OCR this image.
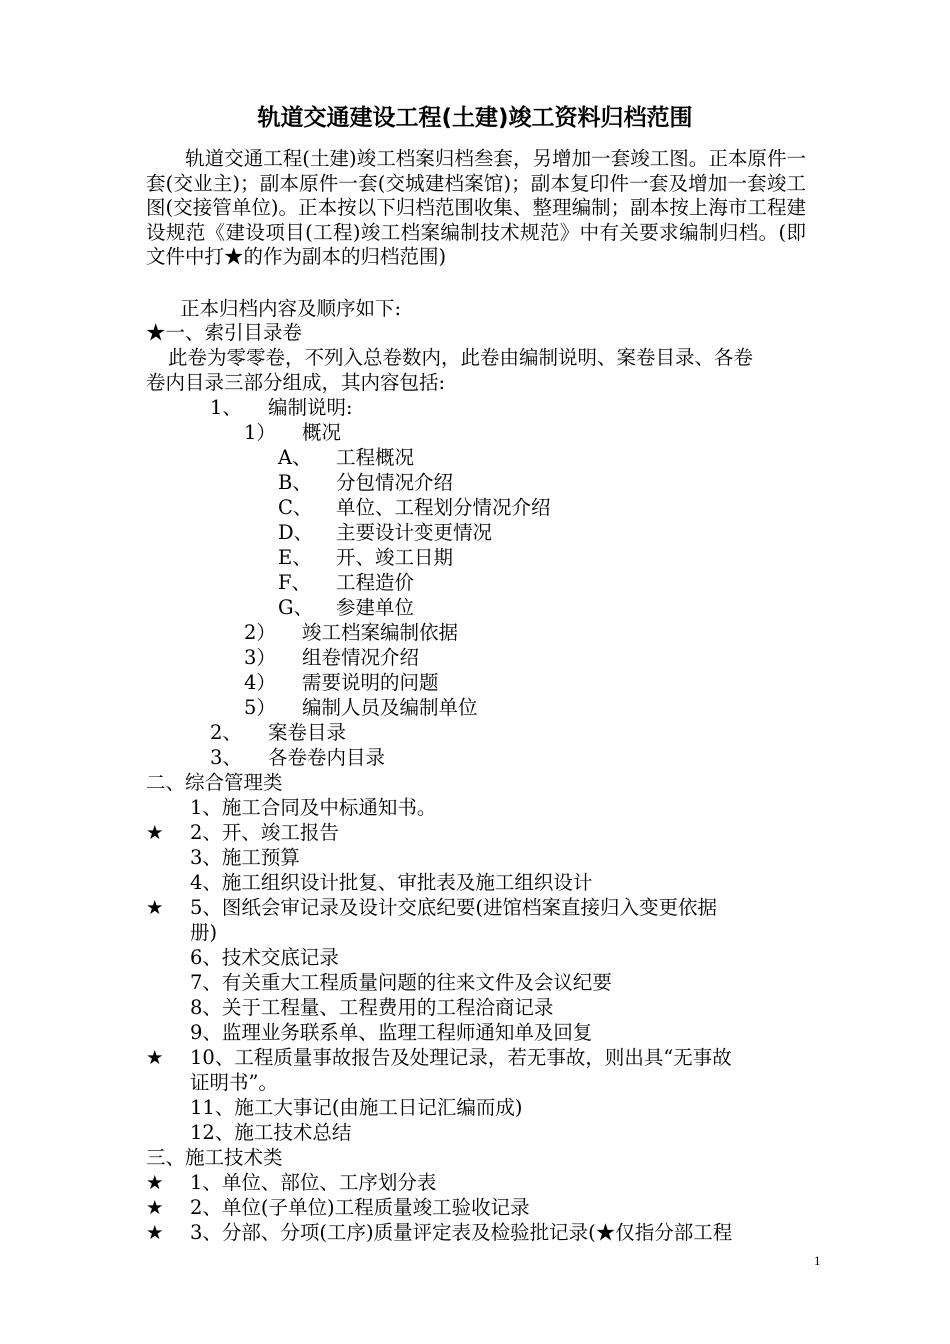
轨道交通建设工程(土建)竣工资料归档范围

　　轨道交通工程(土建)竣工档案归档叁套，另增加一套竣工图。正本原件一套(交业主)；副本原件一套(交城建档案馆)；副本复印件一套及增加一套竣工图(交接管单位)。正本按以下归档范围收集、整理编制；副本按上海市工程建设规范《建设项目(工程)竣工档案编制技术规范》中有关要求编制归档。(即文件中打★的作为副本的归档范围)

正本归档内容及顺序如下:
★一、索引目录卷
此卷为零零卷，不列入总卷数内，此卷由编制说明、案卷目录、各卷
卷内目录三部分组成，其内容包括:
1、 编制说明:
1） 概况
A、 工程概况
B、 分包情况介绍
C、 单位、工程划分情况介绍
D、 主要设计变更情况
E、 开、竣工日期
F、 工程造价
G、 参建单位
2） 竣工档案编制依据
3） 组卷情况介绍
4） 需要说明的问题
5） 编制人员及编制单位
2、 案卷目录
3、 各卷卷内目录
二、综合管理类
1、施工合同及中标通知书。
★ 2、开、竣工报告
3、施工预算
4、施工组织设计批复、审批表及施工组织设计
★ 5、图纸会审记录及设计交底纪要(进馆档案直接归入变更依据
册)
6、技术交底记录
7、有关重大工程质量问题的往来文件及会议纪要
8、关于工程量、工程费用的工程洽商记录
9、监理业务联系单、监理工程师通知单及回复
★ 10、工程质量事故报告及处理记录，若无事故，则出具“无事故
证明书”。
11、施工大事记(由施工日记汇编而成)
12、施工技术总结
三、施工技术类
★ 1、单位、部位、工序划分表
★ 2、单位(子单位)工程质量竣工验收记录
★ 3、分部、分项(工序)质量评定表及检验批记录(★仅指分部工程
1
